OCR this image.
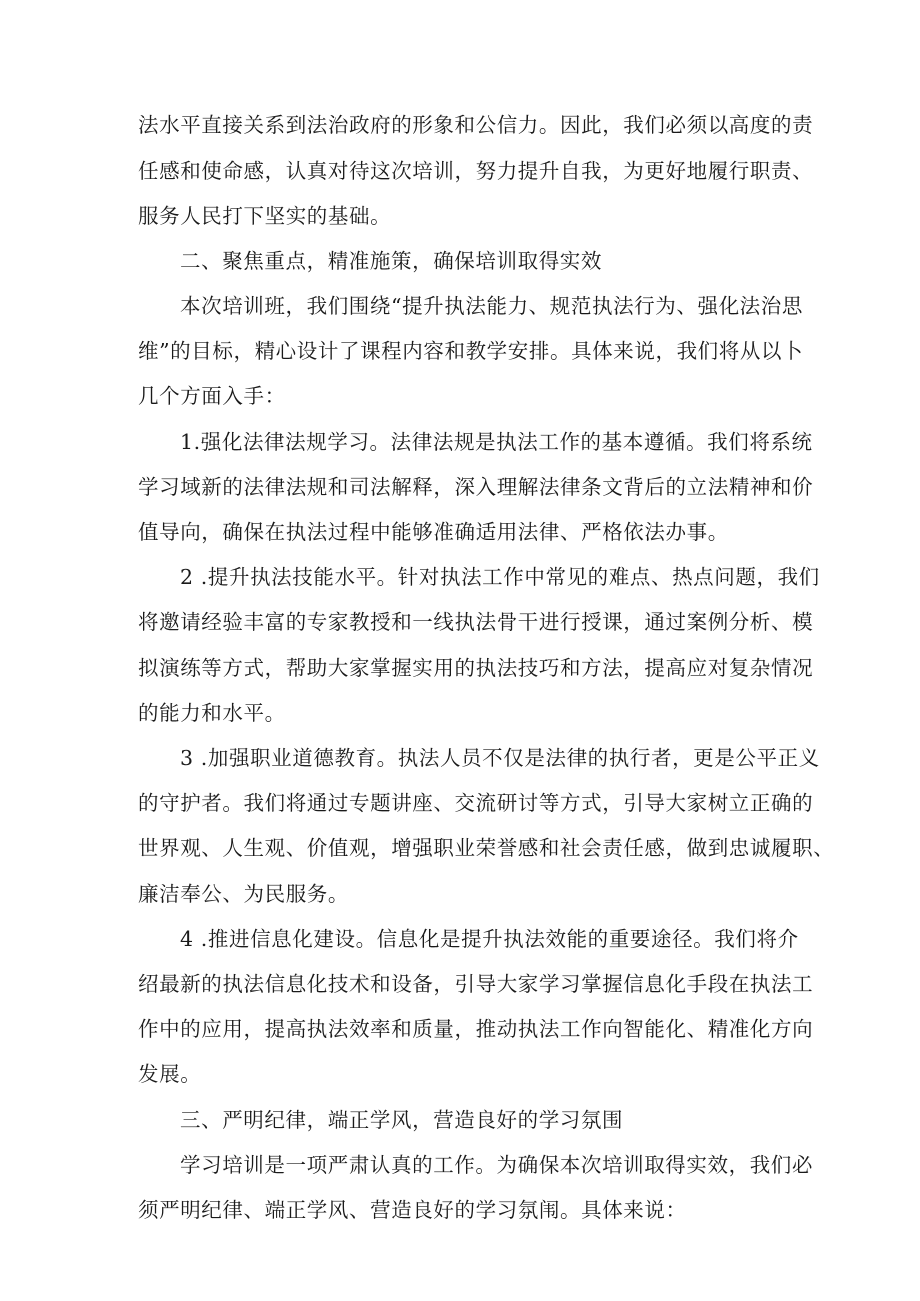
法水平直接关系到法治政府的形象和公信力。因此，我们必须以高度的责
任感和使命感，认真对待这次培训，努力提升自我，为更好地履行职责、
服务人民打下坚实的基础。
二、聚焦重点，精准施策，确保培训取得实效
本次培训班，我们围绕“提升执法能力、规范执法行为、强化法治思
维”的目标，精心设计了课程内容和教学安排。具体来说，我们将从以卜
几个方面入手：
1.强化法律法规学习。法律法规是执法工作的基本遵循。我们将系统
学习域新的法律法规和司法解释，深入理解法律条文背后的立法精神和价
值导向，确保在执法过程中能够准确适用法律、严格依法办事。
2 .提升执法技能水平。针对执法工作中常见的难点、热点问题，我们
将邀请经验丰富的专家教授和一线执法骨干进行授课，通过案例分析、模
拟演练等方式，帮助大家掌握实用的执法技巧和方法，提高应对复杂情况
的能力和水平。
3 .加强职业道德教育。执法人员不仅是法律的执行者，更是公平正义
的守护者。我们将通过专题讲座、交流研讨等方式，引导大家树立正确的
世界观、人生观、价值观，增强职业荣誉感和社会责任感，做到忠诚履职、
廉洁奉公、为民服务。
4 .推进信息化建设。信息化是提升执法效能的重要途径。我们将介
绍最新的执法信息化技术和设备，引导大家学习掌握信息化手段在执法工
作中的应用，提高执法效率和质量，推动执法工作向智能化、精准化方向
发展。
三、严明纪律，端正学风，营造良好的学习氛围
学习培训是一项严肃认真的工作。为确保本次培训取得实效，我们必
须严明纪律、端正学风、营造良好的学习氛闱。具体来说：
